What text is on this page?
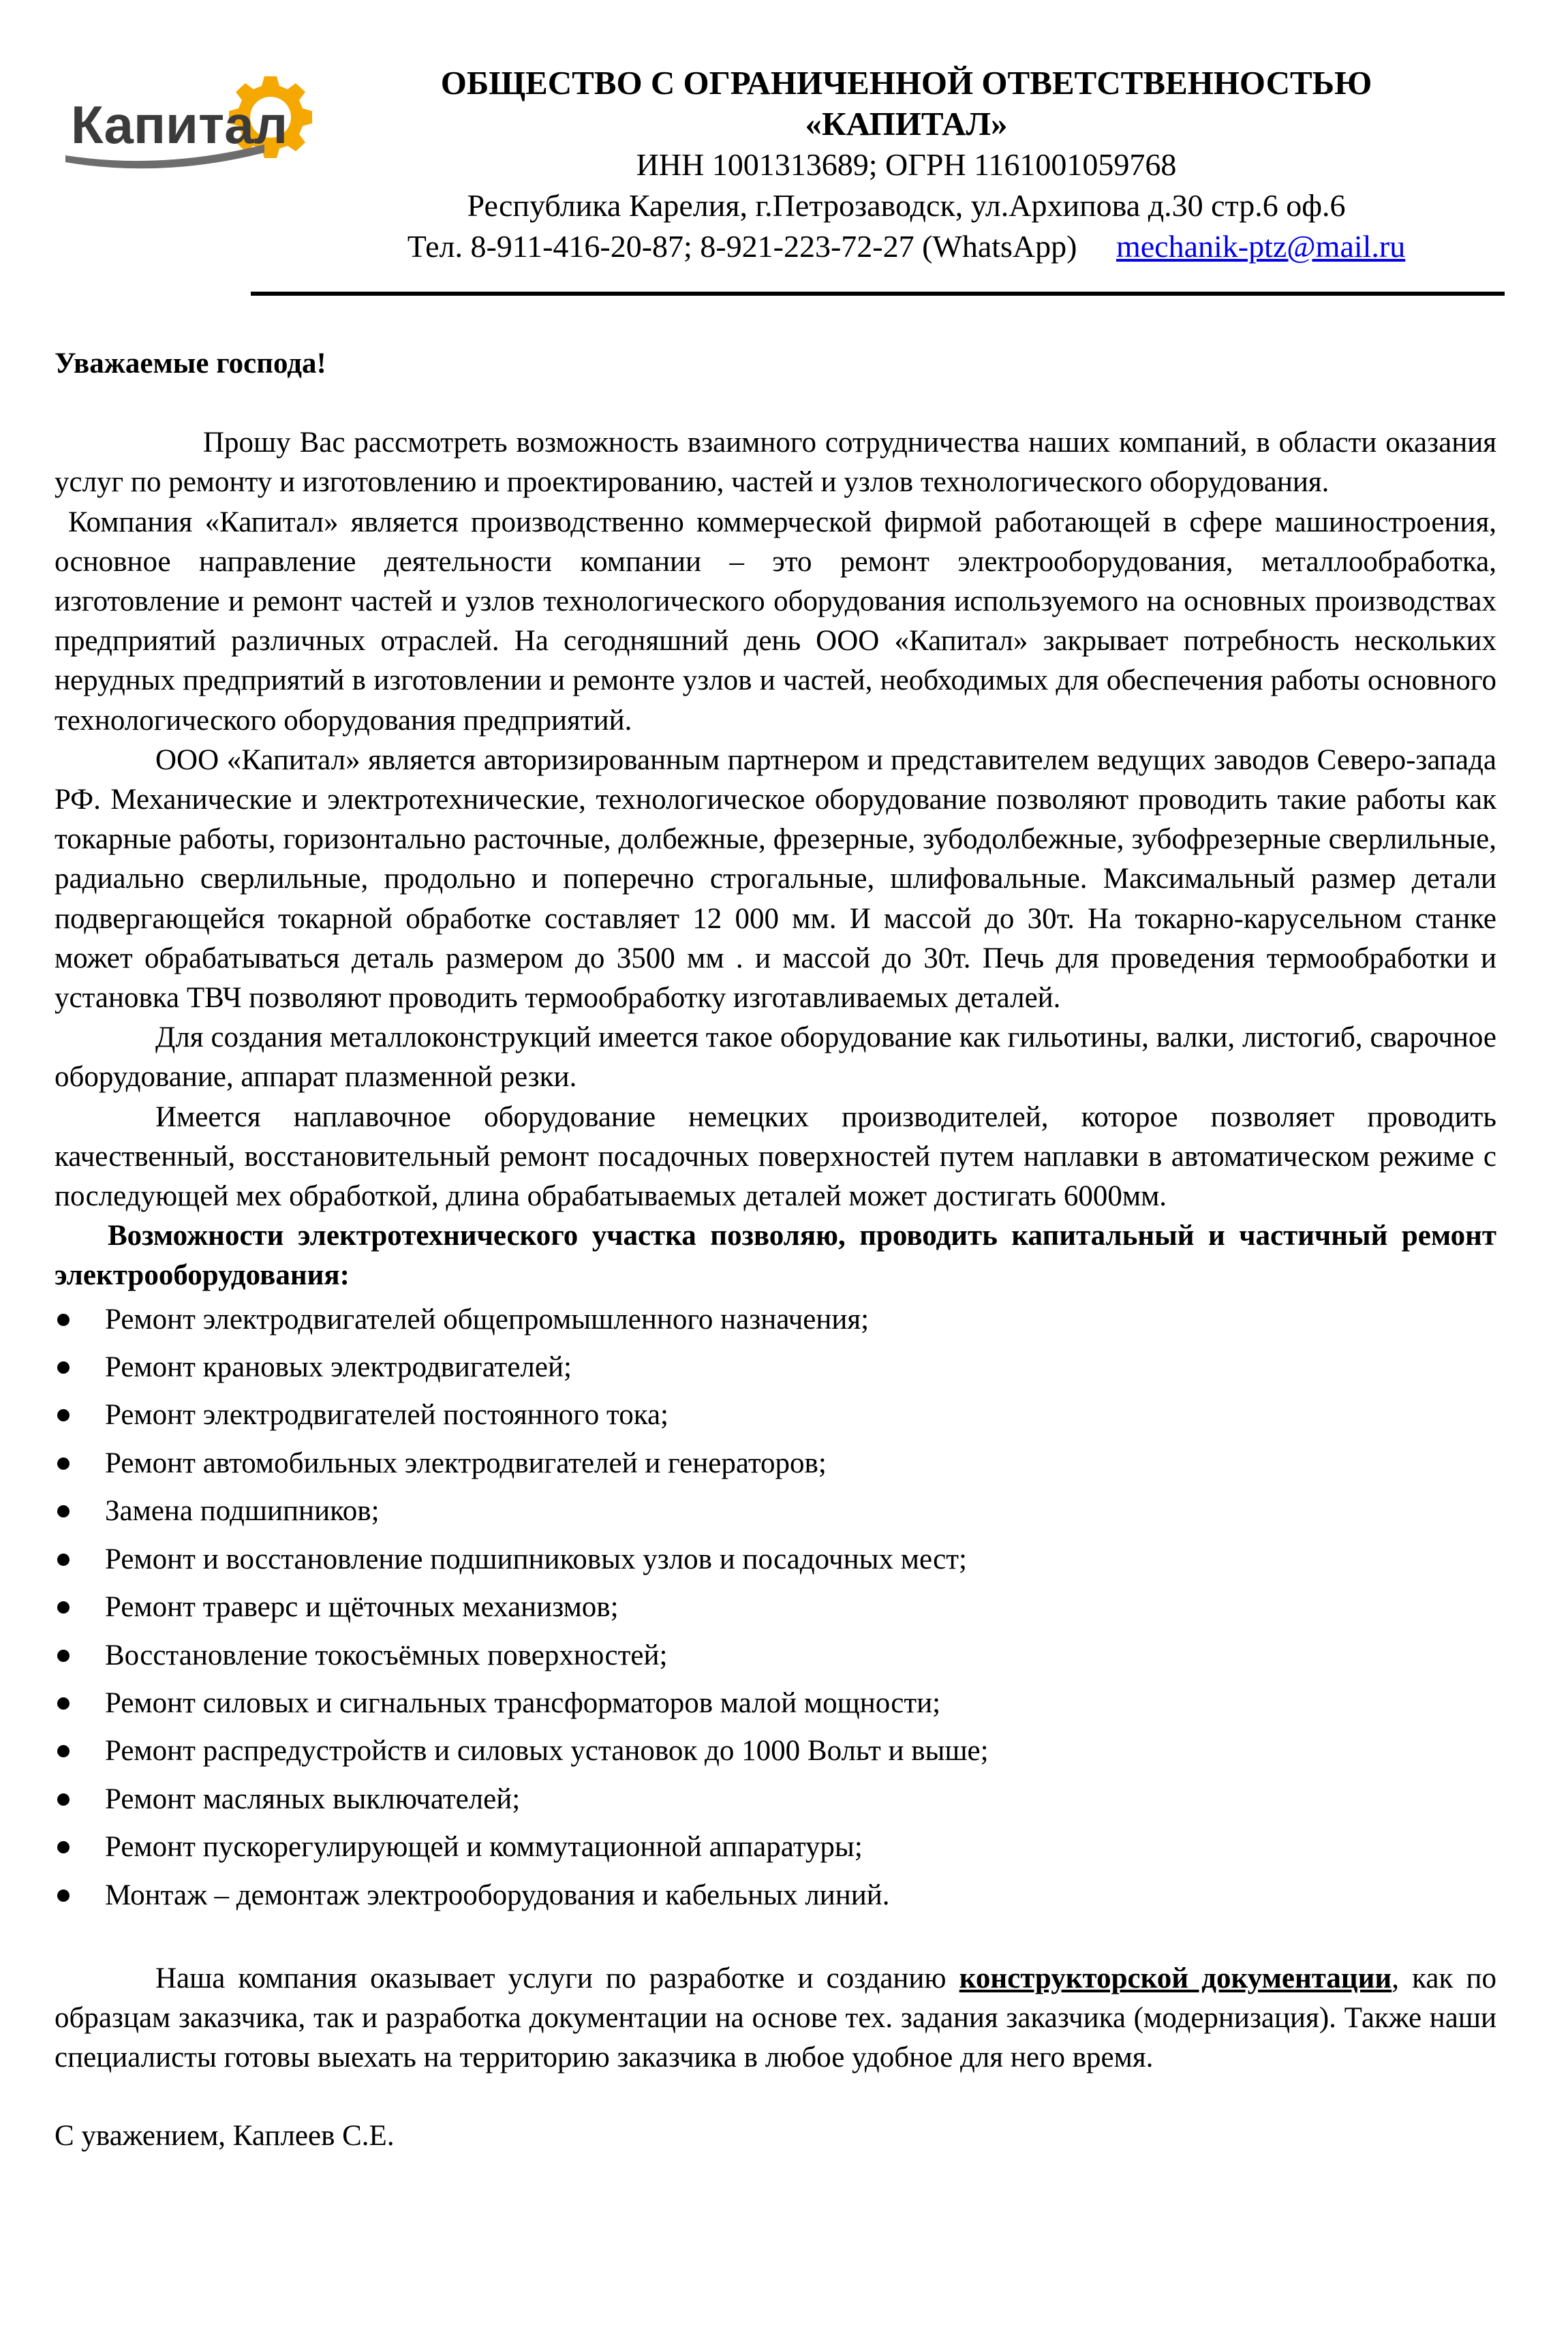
Капитал
ОБЩЕСТВО С ОГРАНИЧЕННОЙ ОТВЕТСТВЕННОСТЬЮ
«КАПИТАЛ»
ИНН 1001313689; ОГРН 1161001059768
Республика Карелия, г.Петрозаводск, ул.Архипова д.30 стр.6 оф.6
Тел. 8-911-416-20-87; 8-921-223-72-27 (WhatsApp) mechanik-ptz@mail.ru

Уважаемые господа!

Прошу Вас рассмотреть возможность взаимного сотрудничества наших компаний, в области оказания услуг по ремонту и изготовлению и проектированию, частей и узлов технологического оборудования.

Компания «Капитал» является производственно коммерческой фирмой работающей в сфере машиностроения, основное направление деятельности компании – это ремонт электрооборудования, металлообработка, изготовление и ремонт частей и узлов технологического оборудования используемого на основных производствах предприятий различных отраслей. На сегодняшний день ООО «Капитал» закрывает потребность нескольких нерудных предприятий в изготовлении и ремонте узлов и частей, необходимых для обеспечения работы основного технологического оборудования предприятий.

ООО «Капитал» является авторизированным партнером и представителем ведущих заводов Северо-запада РФ. Механические и электротехнические, технологическое оборудование позволяют проводить такие работы как токарные работы, горизонтально расточные, долбежные, фрезерные, зубодолбежные, зубофрезерные сверлильные, радиально сверлильные, продольно и поперечно строгальные, шлифовальные. Максимальный размер детали подвергающейся токарной обработке составляет 12 000 мм. И массой до 30т. На токарно-карусельном станке может обрабатываться деталь размером до 3500 мм . и массой до 30т. Печь для проведения термообработки и установка ТВЧ позволяют проводить термообработку изготавливаемых деталей.

Для создания металлоконструкций имеется такое оборудование как гильотины, валки, листогиб, сварочное оборудование, аппарат плазменной резки.

Имеется наплавочное оборудование немецких производителей, которое позволяет проводить качественный, восстановительный ремонт посадочных поверхностей путем наплавки в автоматическом режиме с последующей мех обработкой, длина обрабатываемых деталей может достигать 6000мм.

Возможности электротехнического участка позволяю, проводить капитальный и частичный ремонт электрооборудования:

Ремонт электродвигателей общепромышленного назначения;
Ремонт крановых электродвигателей;
Ремонт электродвигателей постоянного тока;
Ремонт автомобильных электродвигателей и генераторов;
Замена подшипников;
Ремонт и восстановление подшипниковых узлов и посадочных мест;
Ремонт траверс и щёточных механизмов;
Восстановление токосъёмных поверхностей;
Ремонт силовых и сигнальных трансформаторов малой мощности;
Ремонт распредустройств и силовых установок до 1000 Вольт и выше;
Ремонт масляных выключателей;
Ремонт пускорегулирующей и коммутационной аппаратуры;
Монтаж – демонтаж электрооборудования и кабельных линий.

Наша компания оказывает услуги по разработке и созданию конструкторской документации, как по образцам заказчика, так и разработка документации на основе тех. задания заказчика (модернизация). Также наши специалисты готовы выехать на территорию заказчика в любое удобное для него время.

С уважением, Каплеев С.Е.
